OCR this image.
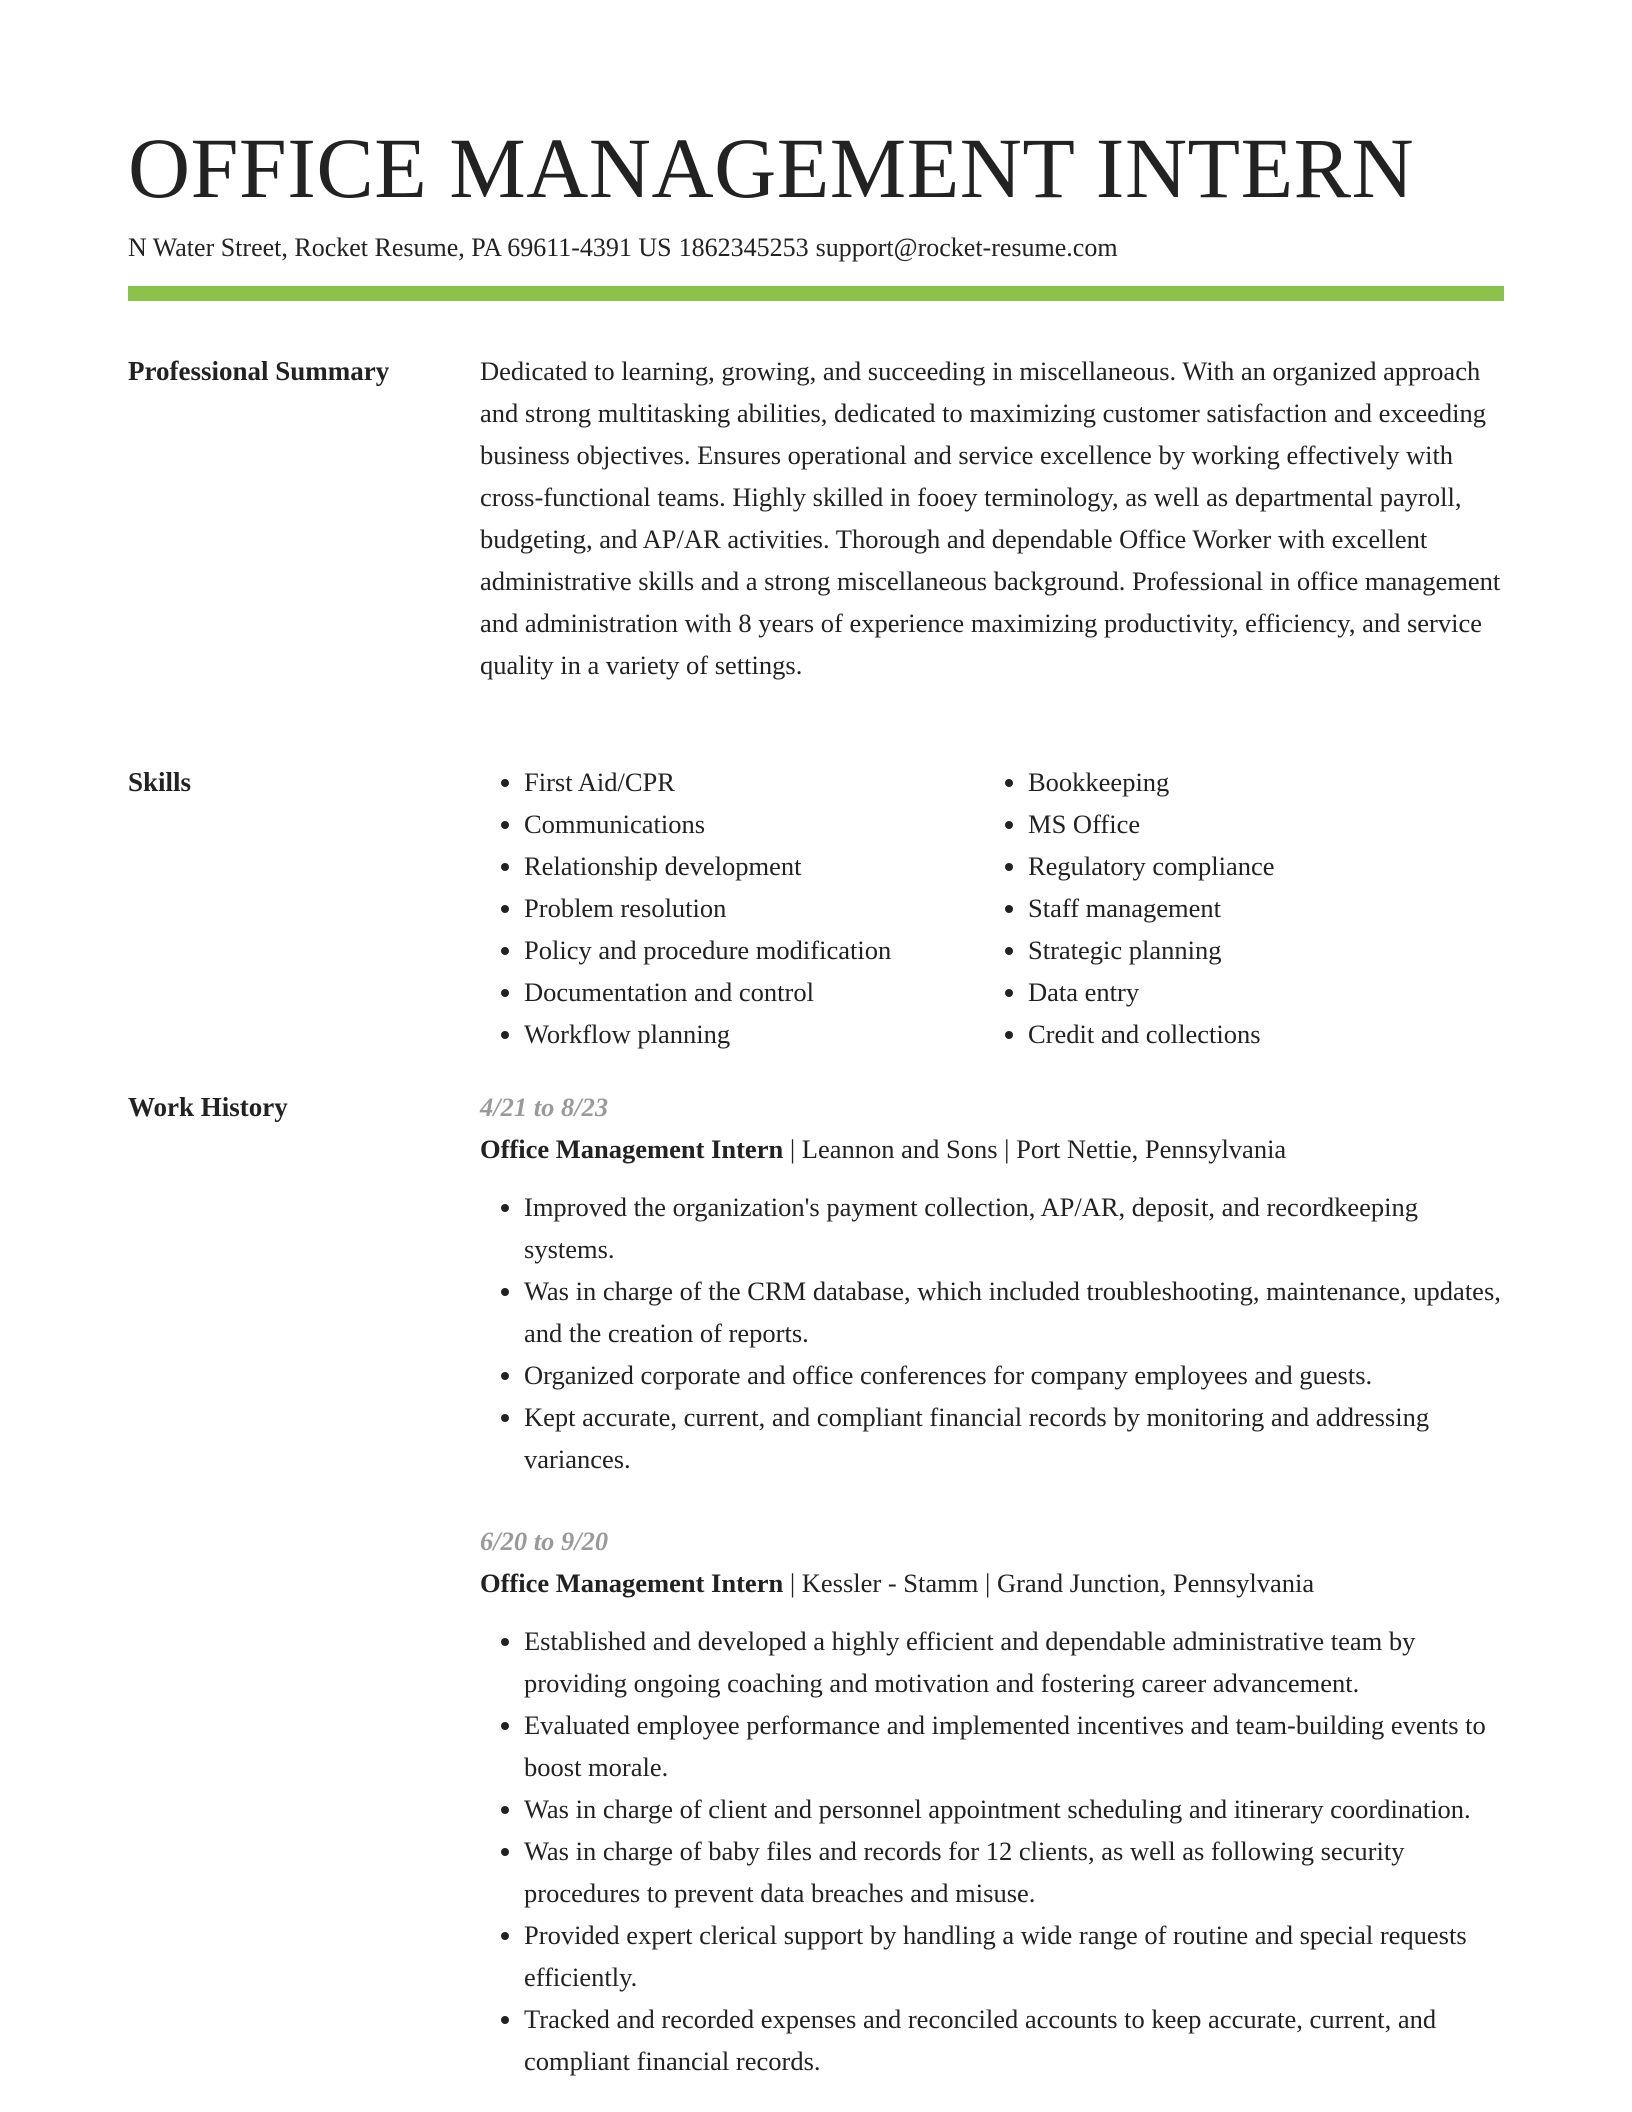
OFFICE MANAGEMENT INTERN
N Water Street, Rocket Resume, PA 69611-4391 US 1862345253 support@rocket-resume.com
Professional Summary	Dedicated to learning, growing, and succeeding in miscellaneous. With an organized approach and strong multitasking abilities, dedicated to maximizing customer satisfaction and exceeding business objectives. Ensures operational and service excellence by working effectively with cross-functional teams. Highly skilled in fooey terminology, as well as departmental payroll, budgeting, and AP/AR activities. Thorough and dependable Office Worker with excellent administrative skills and a strong miscellaneous background. Professional in office management and administration with 8 years of experience maximizing productivity, efficiency, and service quality in a variety of settings.

Skills
•	First Aid/CPR
• Communications
• Relationship development
• Problem resolution
• Policy and procedure modification
• Documentation and control
• Workflow planning
• Bookkeeping
• MS Office
• Regulatory compliance
• Staff management
• Strategic planning
• Data entry
• Credit and collections
Work History	4/21 to 8/23
Office Management Intern | Leannon and Sons | Port Nettie, Pennsylvania
• Improved the organization's payment collection, AP/AR, deposit, and recordkeeping systems.
• Was in charge of the CRM database, which included troubleshooting, maintenance, updates, and the creation of reports.
• Organized corporate and office conferences for company employees and guests.
• Kept accurate, current, and compliant financial records by monitoring and addressing variances.
6/20 to 9/20
Office Management Intern | Kessler - Stamm | Grand Junction, Pennsylvania
• Established and developed a highly efficient and dependable administrative team by providing ongoing coaching and motivation and fostering career advancement.
• Evaluated employee performance and implemented incentives and team-building events to boost morale.
• Was in charge of client and personnel appointment scheduling and itinerary coordination.
• Was in charge of baby files and records for 12 clients, as well as following security procedures to prevent data breaches and misuse.
• Provided expert clerical support by handling a wide range of routine and special requests efficiently.
• Tracked and recorded expenses and reconciled accounts to keep accurate, current, and compliant financial records.
